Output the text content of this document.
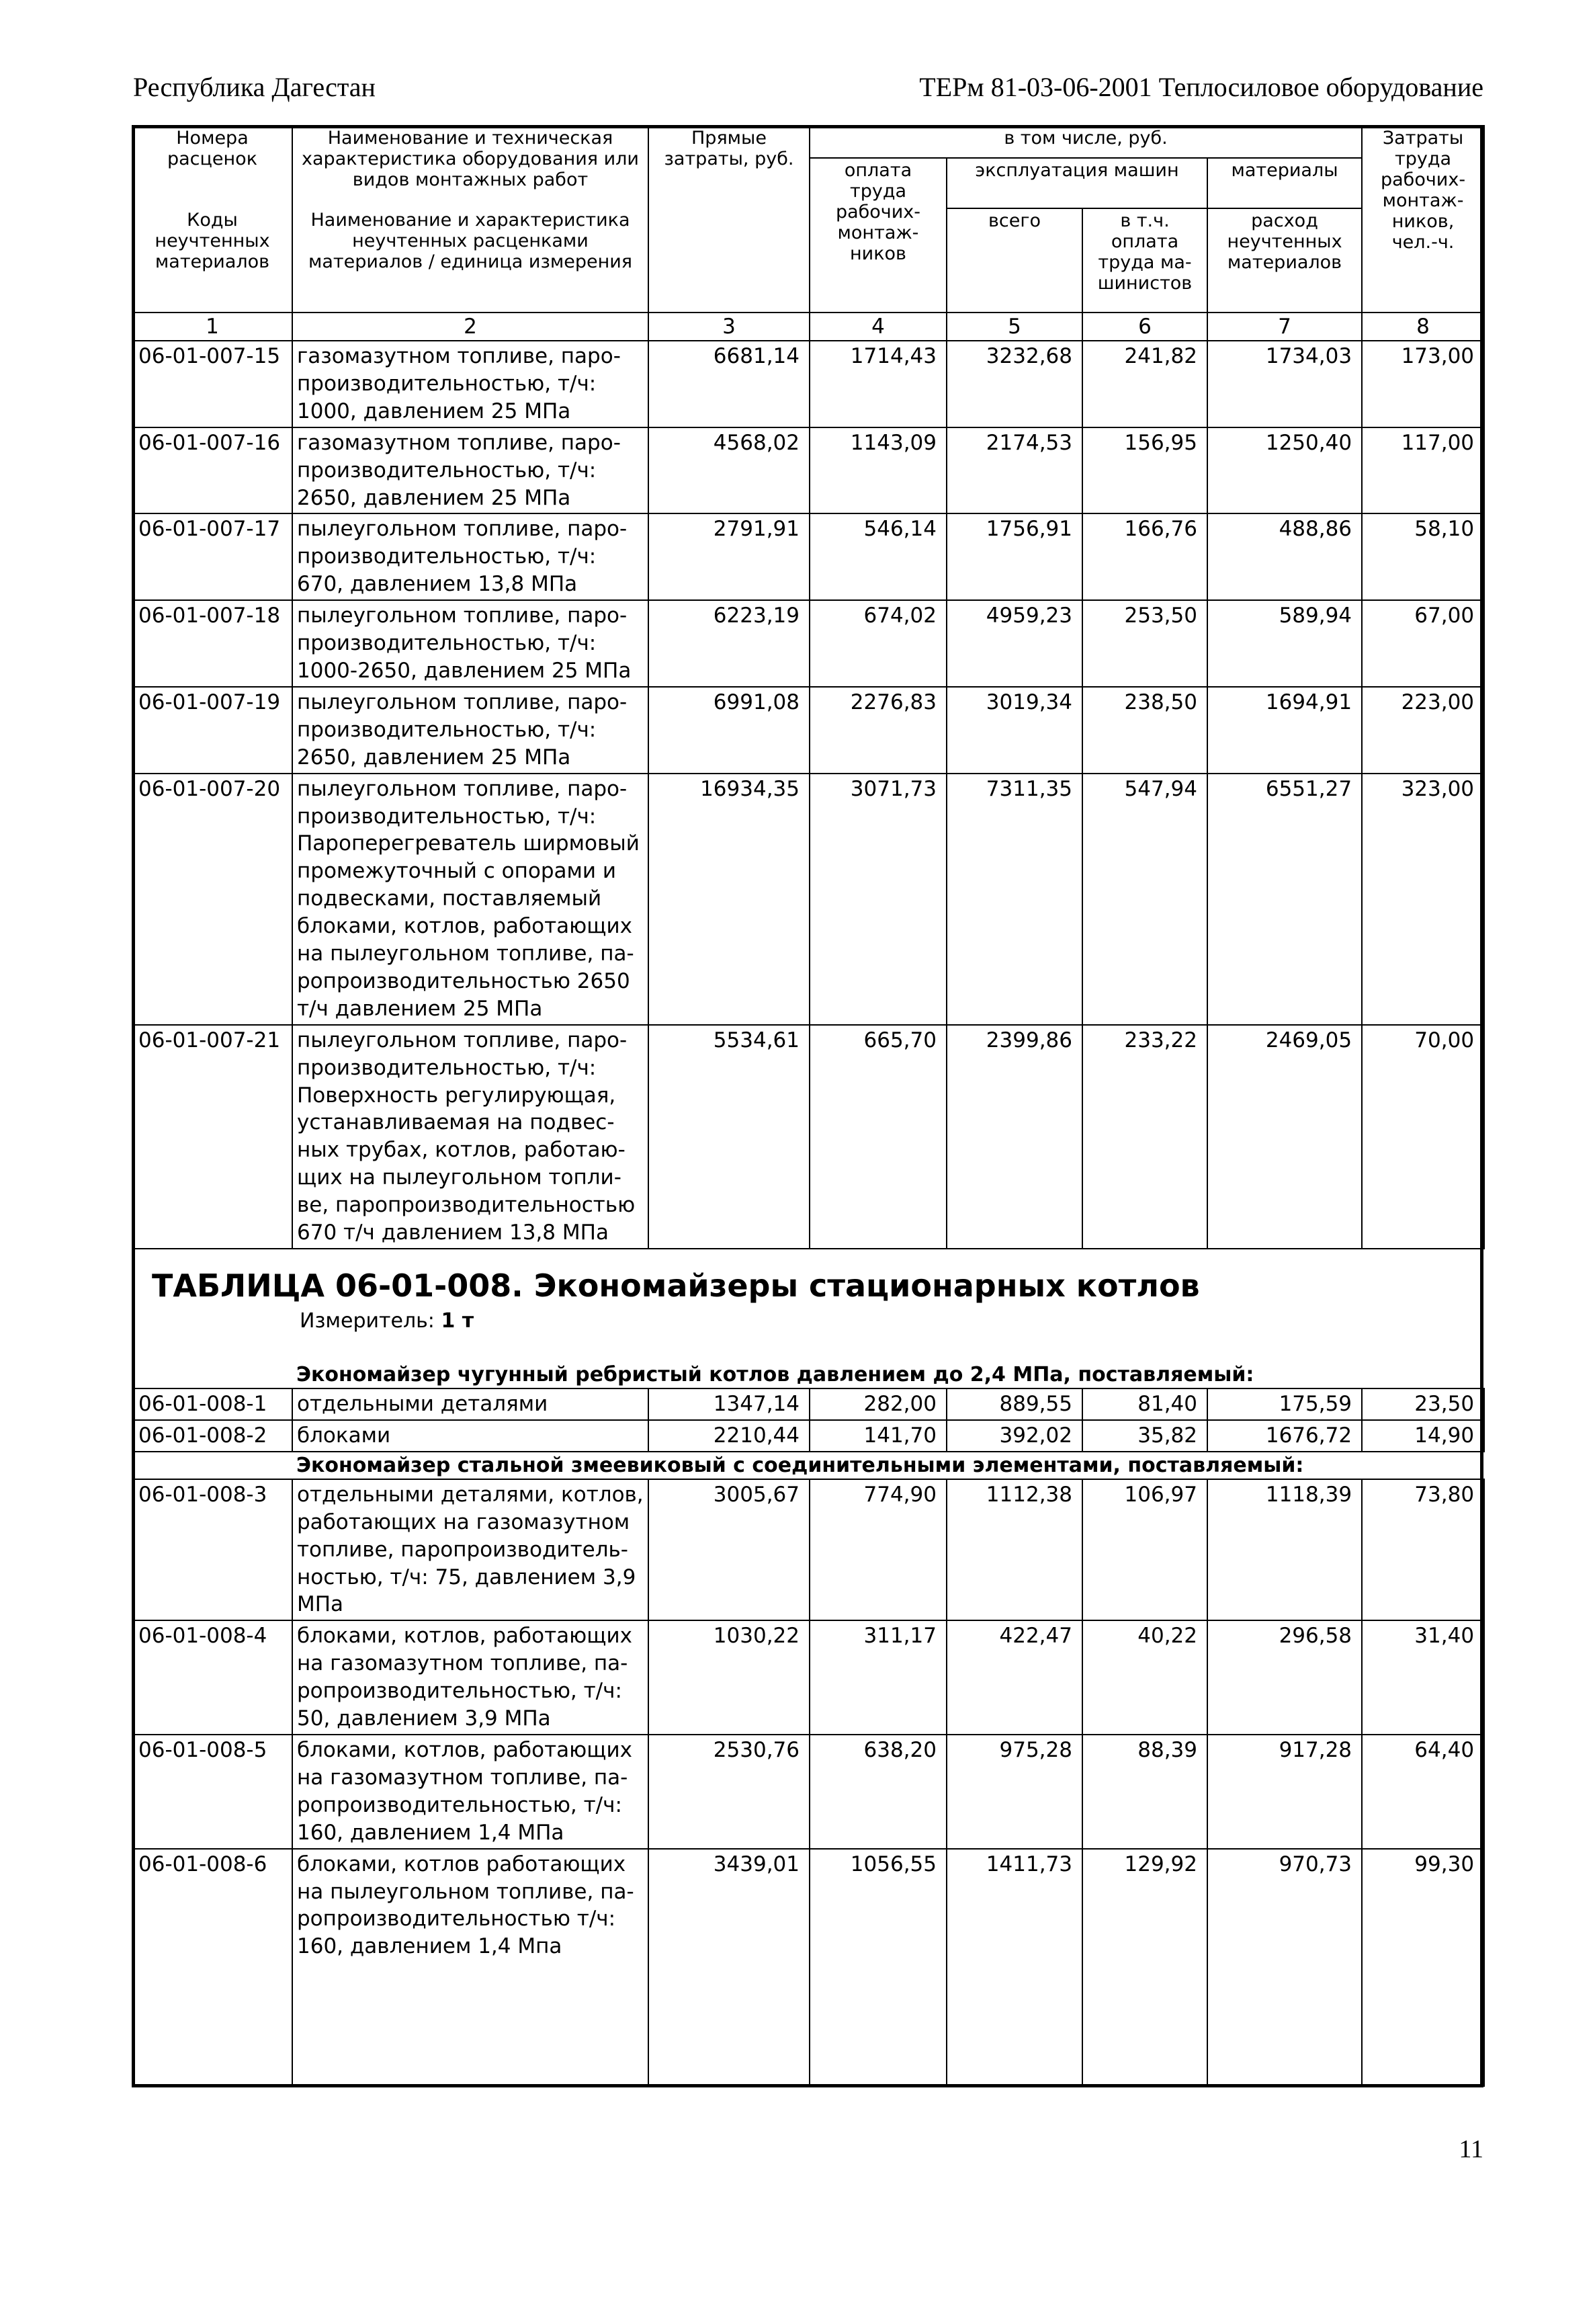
Республика Дагестан	ТЕРм 81-03-06-2001 Теплосиловое оборудование
Номера расценок	Наименование и техническая характеристика оборудования или видов монтажных работ	Прямые затраты, руб.	в том числе, руб.				Затраты труда рабочих-монтаж-ников, чел.-ч.
			оплата труда рабочих-монтаж-ников	эксплуатация машин		материалы	
Коды неучтенных материалов	Наименование и характеристика неучтенных расценками материалов / единица измерения			всего	в т.ч. оплата труда ма-шинистов	расход неучтенных материалов	

1	2	3	4	5	6	7	8
06-01-007-15	газомазутном топливе, паро-производительностью, т/ч: 1000, давлением 25 МПа	6681,14	1714,43	3232,68	241,82	1734,03	173,00
06-01-007-16	газомазутном топливе, паро-производительностью, т/ч: 2650, давлением 25 МПа	4568,02	1143,09	2174,53	156,95	1250,40	117,00
06-01-007-17	пылеугольном топливе, паро-производительностью, т/ч: 670, давлением 13,8 МПа	2791,91	546,14	1756,91	166,76	488,86	58,10
06-01-007-18	пылеугольном топливе, паро-производительностью, т/ч: 1000-2650, давлением 25 МПа	6223,19	674,02	4959,23	253,50	589,94	67,00
06-01-007-19	пылеугольном топливе, паро-производительностью, т/ч: 2650, давлением 25 МПа	6991,08	2276,83	3019,34	238,50	1694,91	223,00
06-01-007-20	пылеугольном топливе, паро-производительностью, т/ч: Пароперегреватель ширмовый промежуточный с опорами и подвесками, поставляемый блоками, котлов, работающих на пылеугольном топливе, па-ропроизводительностью 2650 т/ч давлением 25 МПа	16934,35	3071,73	7311,35	547,94	6551,27	323,00
06-01-007-21	пылеугольном топливе, паро-производительностью, т/ч: Поверхность регулирующая, устанавливаемая на подвес-ных трубах, котлов, работаю-щих на пылеугольном топли-ве, паропроизводительностью 670 т/ч давлением 13,8 МПа	5534,61	665,70	2399,86	233,22	2469,05	70,00

	Экономайзер чугунный ребристый котлов давлением до 2,4 МПа, поставляемый:						
06-01-008-1	отдельными деталями	1347,14	282,00	889,55	81,40	175,59	23,50
06-01-008-2	блоками	2210,44	141,70	392,02	35,82	1676,72	14,90
	Экономайзер стальной змеевиковый с соединительными элементами, поставляемый:						
06-01-008-3	отдельными деталями, котлов, работающих на газомазутном топливе, паропроизводитель-ностью, т/ч: 75, давлением 3,9 МПа	3005,67	774,90	1112,38	106,97	1118,39	73,80
06-01-008-4	блоками, котлов, работающих на газомазутном топливе, па-ропроизводительностью, т/ч: 50, давлением 3,9 МПа	1030,22	311,17	422,47	40,22	296,58	31,40
06-01-008-5	блоками, котлов, работающих на газомазутном топливе, па-ропроизводительностью, т/ч: 160, давлением 1,4 МПа	2530,76	638,20	975,28	88,39	917,28	64,40
06-01-008-6	блоками, котлов работающих на пылеугольном топливе, па-ропроизводительностью т/ч: 160, давлением 1,4 Мпа	3439,01	1056,55	1411,73	129,92	970,73	99,30

ТАБЛИЦА 06-01-008. Экономайзеры стационарных котлов
Измеритель: 1 т
11
